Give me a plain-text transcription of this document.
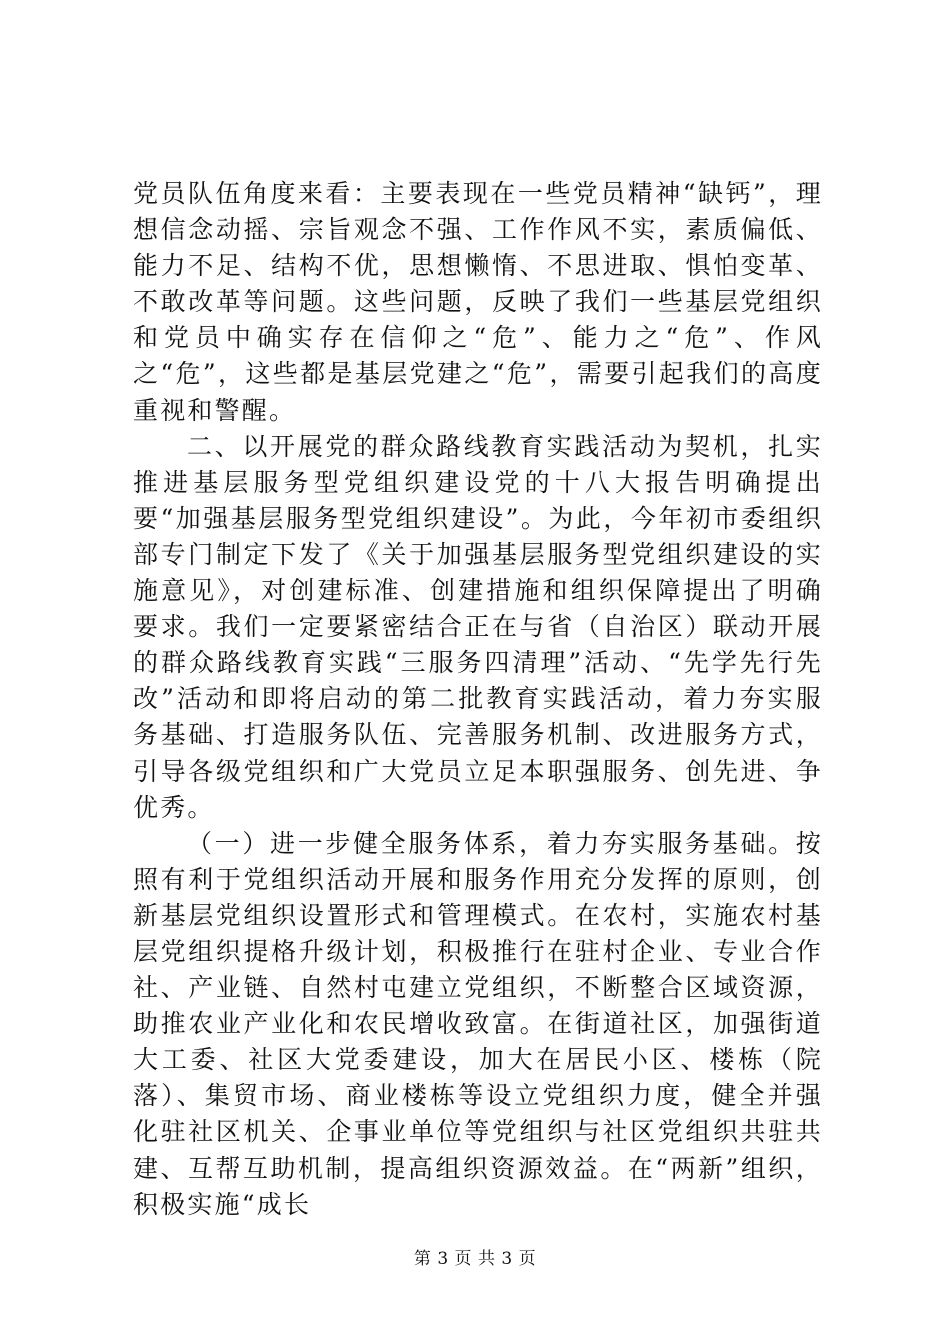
党员队伍角度来看：主要表现在一些党员精神“缺钙”，理想信念动摇、宗旨观念不强、工作作风不实，素质偏低、能力不足、结构不优，思想懒惰、不思进取、惧怕变革、不敢改革等问题。这些问题，反映了我们一些基层党组织和党员中确实存在信仰之“危”、能力之“危”、作风之“危”，这些都是基层党建之“危”，需要引起我们的高度重视和警醒。

二、以开展党的群众路线教育实践活动为契机，扎实推进基层服务型党组织建设党的十八大报告明确提出要“加强基层服务型党组织建设”。为此，今年初市委组织部专门制定下发了《关于加强基层服务型党组织建设的实施意见》，对创建标准、创建措施和组织保障提出了明确要求。我们一定要紧密结合正在与省（自治区）联动开展的群众路线教育实践“三服务四清理”活动、“先学先行先改”活动和即将启动的第二批教育实践活动，着力夯实服务基础、打造服务队伍、完善服务机制、改进服务方式，引导各级党组织和广大党员立足本职强服务、创先进、争优秀。

（一）进一步健全服务体系，着力夯实服务基础。按照有利于党组织活动开展和服务作用充分发挥的原则，创新基层党组织设置形式和管理模式。在农村，实施农村基层党组织提格升级计划，积极推行在驻村企业、专业合作社、产业链、自然村屯建立党组织，不断整合区域资源，助推农业产业化和农民增收致富。在街道社区，加强街道大工委、社区大党委建设，加大在居民小区、楼栋（院落）、集贸市场、商业楼栋等设立党组织力度，健全并强化驻社区机关、企事业单位等党组织与社区党组织共驻共建、互帮互助机制，提高组织资源效益。在“两新”组织，积极实施“成长

第 3 页 共 3 页
